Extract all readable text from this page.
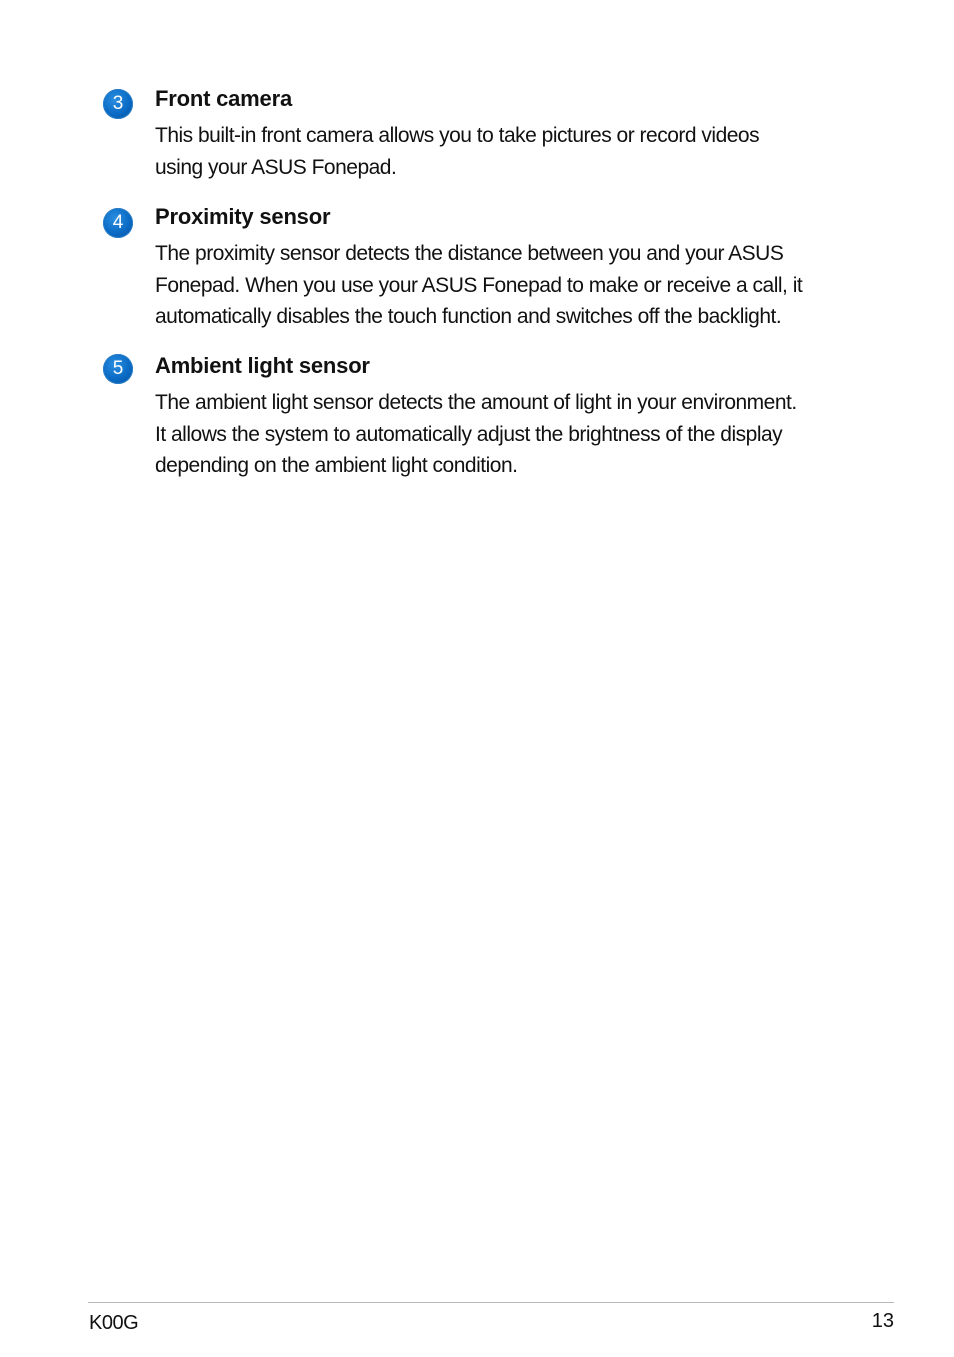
3	Front camera

This built-in front camera allows you to take pictures or record videos
using your ASUS Fonepad.

4	Proximity sensor

The proximity sensor detects the distance between you and your ASUS
Fonepad. When you use your ASUS Fonepad to make or receive a call, it
automatically disables the touch function and switches off the backlight.

5	Ambient light sensor

The ambient light sensor detects the amount of light in your environment.
It allows the system to automatically adjust the brightness of the display
depending on the ambient light condition.

K00G	13
